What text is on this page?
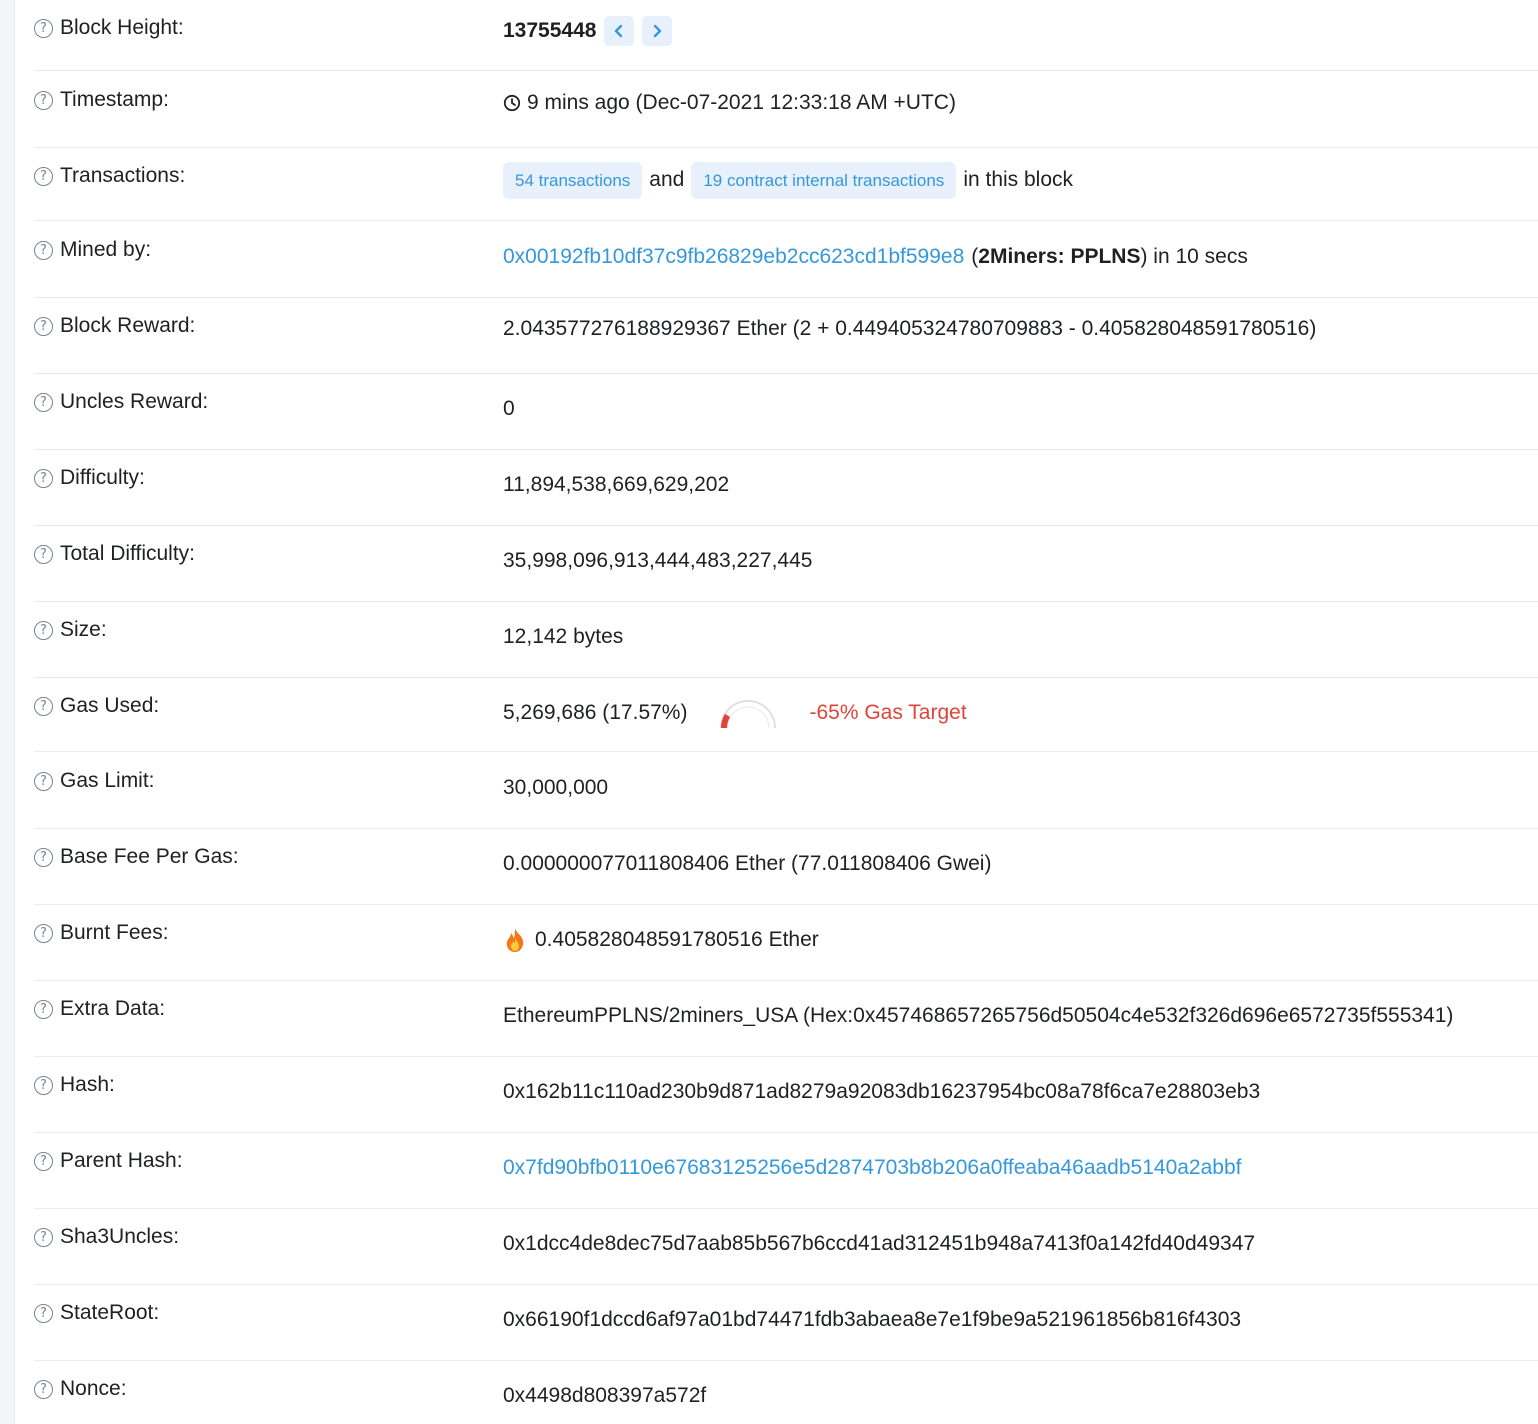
? Block Height:	13755448
? Timestamp:	9 mins ago (Dec-07-2021 12:33:18 AM +UTC)
? Transactions:	54 transactions and	19 contract internal transactions in this block
? Mined by:	0x00192fb10df37c9fb26829eb2cc623cd1bf599e8 ( 2Miners: PPLNS ) in 10 secs
? Block Reward:	2.043577276188929367 Ether (2 + 0.449405324780709883 - 0.405828048591780516)
? Uncles Reward:	0
? Difficulty:	11,894,538,669,629,202
? Total Difficulty:	35,998,096,913,444,483,227,445
? Size:	12,142 bytes
? Gas Used:	5,269,686 (17.57%)	-65% Gas Target
? Gas Limit:	30,000,000
? Base Fee Per Gas:	0.000000077011808406 Ether (77.011808406 Gwei)
? Burnt Fees:	0.405828048591780516 Ether
? Extra Data:	EthereumPPLNS/2miners_USA (Hex:0x457468657265756d50504c4e532f326d696e6572735f555341)
? Hash:	0x162b11c110ad230b9d871ad8279a92083db16237954bc08a78f6ca7e28803eb3
? Parent Hash:	0x7fd90bfb0110e67683125256e5d2874703b8b206a0ffeaba46aadb5140a2abbf
? Sha3Uncles:	0x1dcc4de8dec75d7aab85b567b6ccd41ad312451b948a7413f0a142fd40d49347
? StateRoot:	0x66190f1dccd6af97a01bd74471fdb3abaea8e7e1f9be9a521961856b816f4303
? Nonce:	0x4498d808397a572f
